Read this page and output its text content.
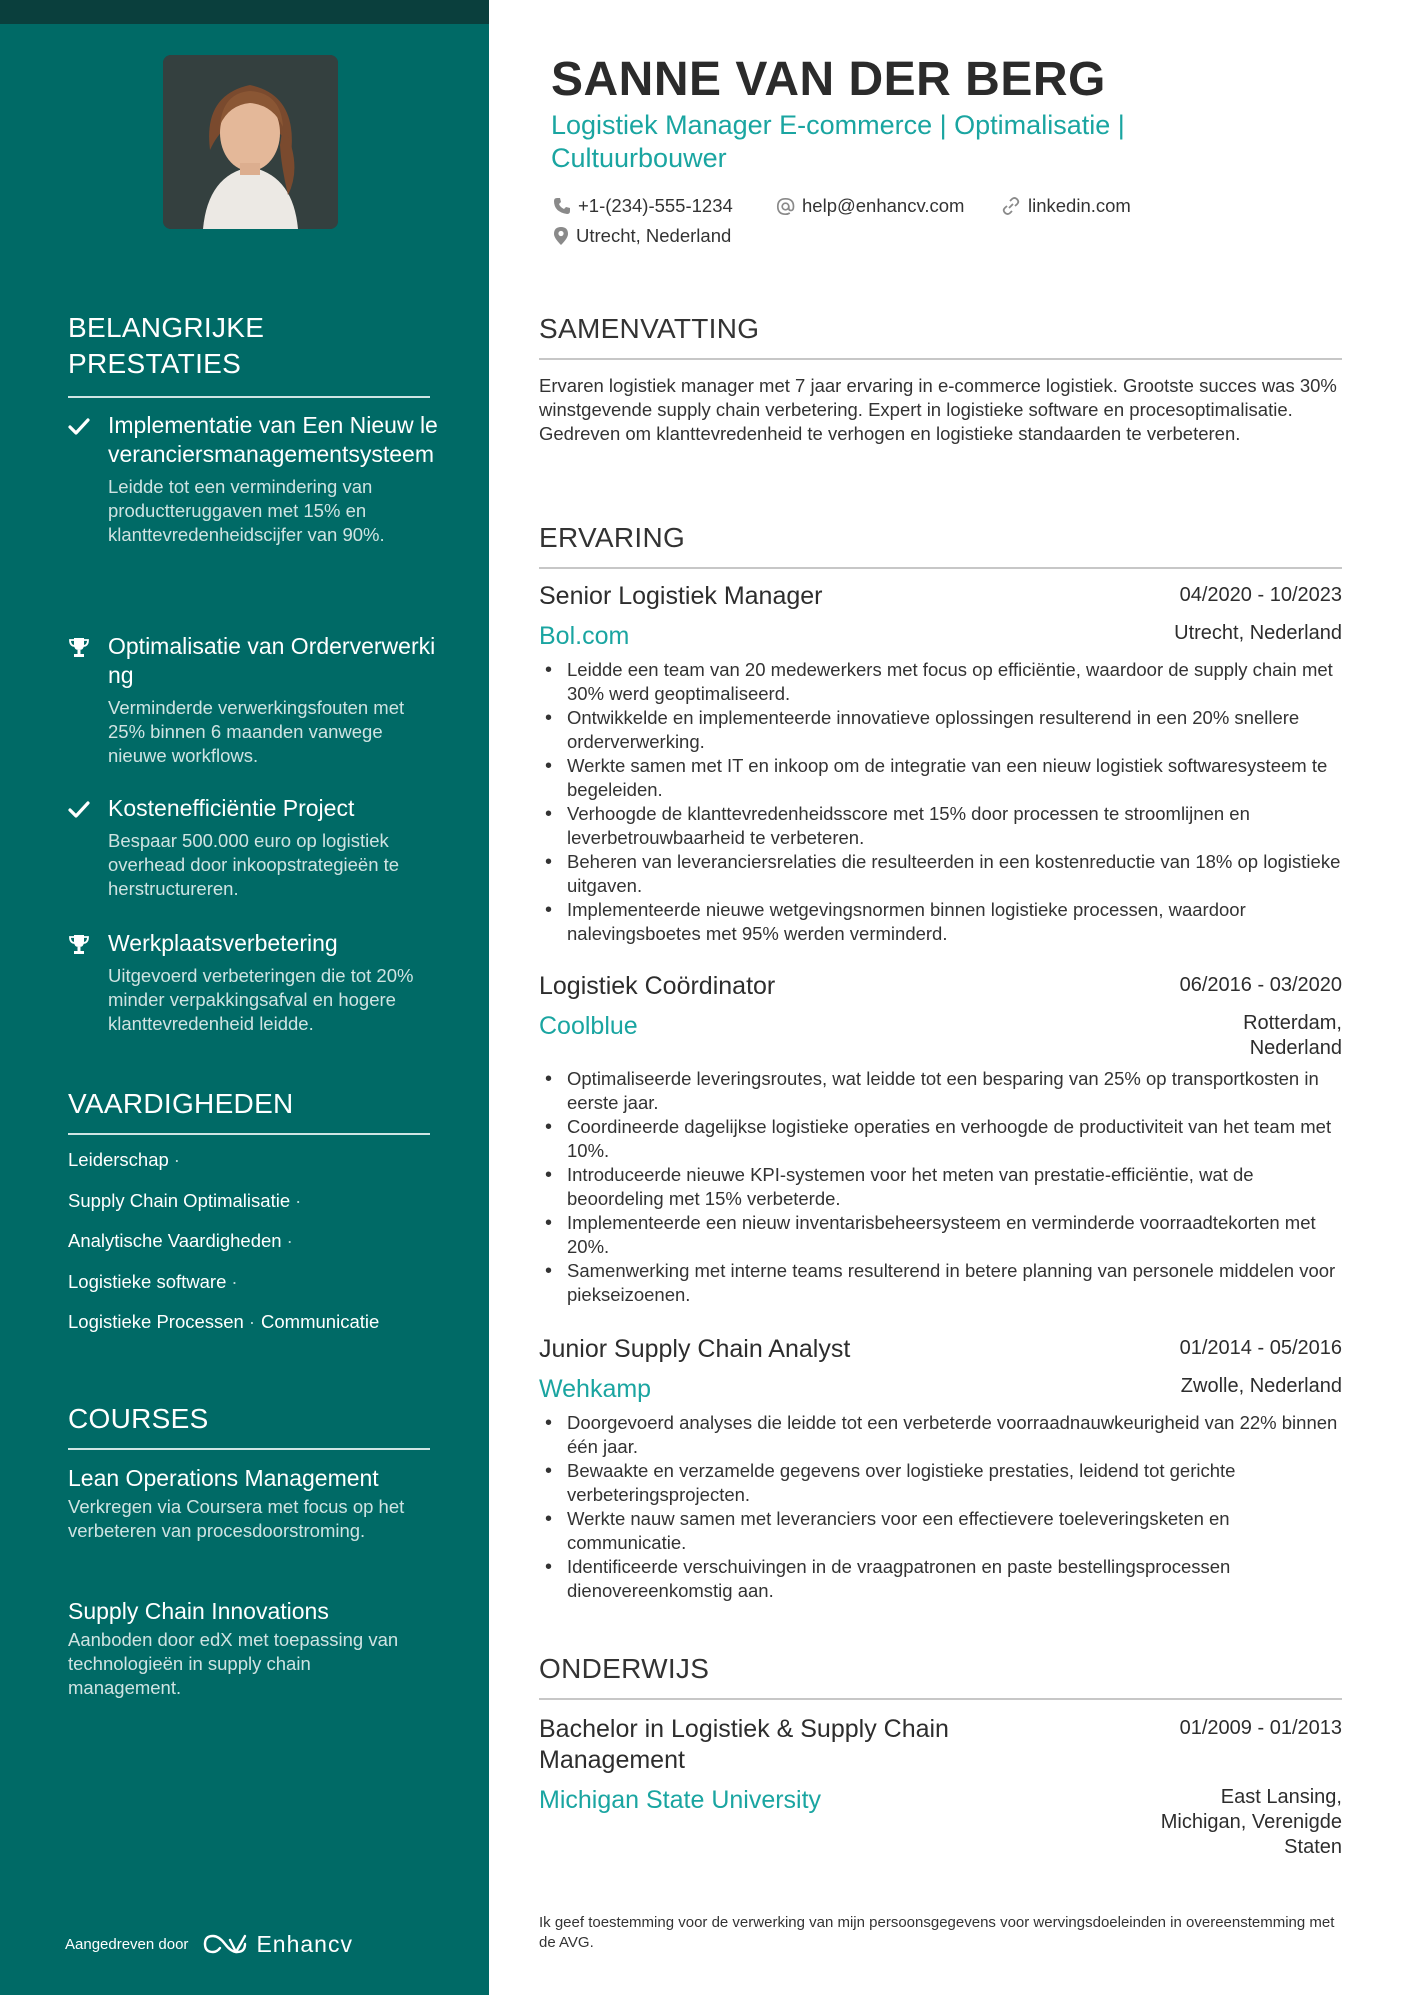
BELANGRIJKE
PRESTATIES
Implementatie van Een Nieuw leveranciersmanagementsysteem
Leidde tot een vermindering van productteruggaven met 15% en klanttevredenheidscijfer van 90%.
Optimalisatie van Orderverwerking
Verminderde verwerkingsfouten met 25% binnen 6 maanden vanwege nieuwe workflows.
Kostenefficiëntie Project
Bespaar 500.000 euro op logistiek overhead door inkoopstrategieën te herstructureren.
Werkplaatsverbetering
Uitgevoerd verbeteringen die tot 20% minder verpakkingsafval en hogere klanttevredenheid leidde.
VAARDIGHEDEN
Leiderschap ·
Supply Chain Optimalisatie ·
Analytische Vaardigheden ·
Logistieke software ·
Logistieke Processen · Communicatie
COURSES
Lean Operations Management
Verkregen via Coursera met focus op het verbeteren van procesdoorstroming.
Supply Chain Innovations
Aanboden door edX met toepassing van technologieën in supply chain management.
Aangedreven door	Enhancv
SANNE VAN DER BERG
Logistiek Manager E-commerce | Optimalisatie |
Cultuurbouwer
+1-(234)-555-1234	help@enhancv.com	linkedin.com
Utrecht, Nederland
SAMENVATTING
Ervaren logistiek manager met 7 jaar ervaring in e-commerce logistiek. Grootste succes was 30% winstgevende supply chain verbetering. Expert in logistieke software en procesoptimalisatie. Gedreven om klanttevredenheid te verhogen en logistieke standaarden te verbeteren.
ERVARING
Senior Logistiek Manager	04/2020 - 10/2023
Bol.com	Utrecht, Nederland
• Leidde een team van 20 medewerkers met focus op efficiëntie, waardoor de supply chain met 30% werd geoptimaliseerd.
• Ontwikkelde en implementeerde innovatieve oplossingen resulterend in een 20% snellere orderverwerking.
• Werkte samen met IT en inkoop om de integratie van een nieuw logistiek softwaresysteem te begeleiden.
• Verhoogde de klanttevredenheidsscore met 15% door processen te stroomlijnen en leverbetrouwbaarheid te verbeteren.
• Beheren van leveranciersrelaties die resulteerden in een kostenreductie van 18% op logistieke uitgaven.
• Implementeerde nieuwe wetgevingsnormen binnen logistieke processen, waardoor nalevingsboetes met 95% werden verminderd.
Logistiek Coördinator	06/2016 - 03/2020
Coolblue	Rotterdam, Nederland
• Optimaliseerde leveringsroutes, wat leidde tot een besparing van 25% op transportkosten in eerste jaar.
• Coordineerde dagelijkse logistieke operaties en verhoogde de productiviteit van het team met 10%.
• Introduceerde nieuwe KPI-systemen voor het meten van prestatie-efficiëntie, wat de beoordeling met 15% verbeterde.
• Implementeerde een nieuw inventarisbeheersysteem en verminderde voorraadtekorten met 20%.
• Samenwerking met interne teams resulterend in betere planning van personele middelen voor piekseizoenen.
Junior Supply Chain Analyst	01/2014 - 05/2016
Wehkamp	Zwolle, Nederland
• Doorgevoerd analyses die leidde tot een verbeterde voorraadnauwkeurigheid van 22% binnen één jaar.
• Bewaakte en verzamelde gegevens over logistieke prestaties, leidend tot gerichte verbeteringsprojecten.
• Werkte nauw samen met leveranciers voor een effectievere toeleveringsketen en communicatie.
• Identificeerde verschuivingen in de vraagpatronen en paste bestellingsprocessen dienovereenkomstig aan.
ONDERWIJS
Bachelor in Logistiek & Supply Chain Management
01/2009 - 01/2013
Michigan State University	East Lansing, Michigan, Verenigde Staten
Ik geef toestemming voor de verwerking van mijn persoonsgegevens voor wervingsdoeleinden in overeenstemming met de AVG.
